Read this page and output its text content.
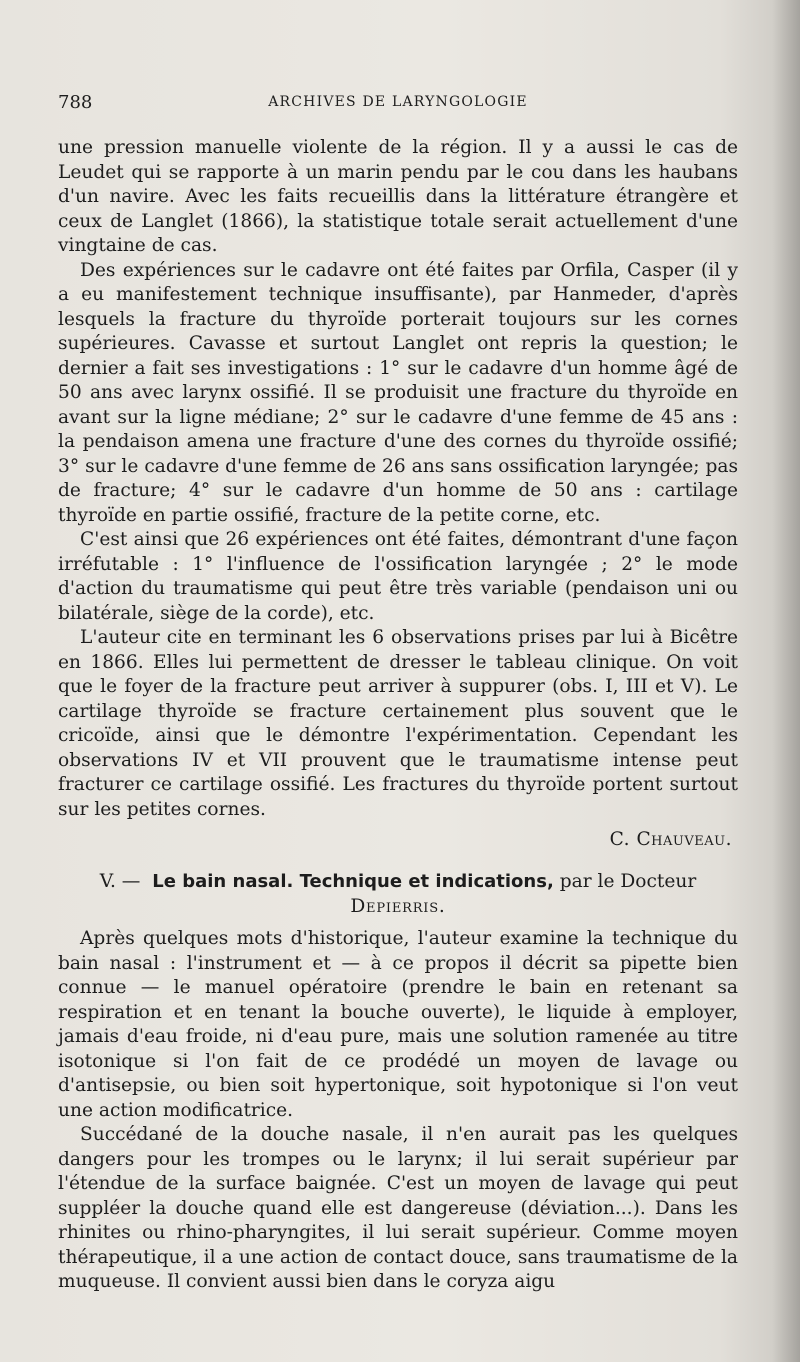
788	ARCHIVES DE LARYNGOLOGIE

une pression manuelle violente de la région. Il y a aussi le cas de Leudet qui se rapporte à un marin pendu par le cou dans les haubans d'un navire. Avec les faits recueillis dans la littérature étrangère et ceux de Langlet (1866), la statistique totale serait actuellement d'une vingtaine de cas.

Des expériences sur le cadavre ont été faites par Orfila, Casper (il y a eu manifestement technique insuffisante), par Hanmeder, d'après lesquels la fracture du thyroïde porterait toujours sur les cornes supérieures. Cavasse et surtout Langlet ont repris la question; le dernier a fait ses investigations : 1° sur le cadavre d'un homme âgé de 50 ans avec larynx ossifié. Il se produisit une fracture du thyroïde en avant sur la ligne médiane; 2° sur le cadavre d'une femme de 45 ans : la pendaison amena une fracture d'une des cornes du thyroïde ossifié; 3° sur le cadavre d'une femme de 26 ans sans ossification laryngée; pas de fracture; 4° sur le cadavre d'un homme de 50 ans : cartilage thyroïde en partie ossifié, fracture de la petite corne, etc.

C'est ainsi que 26 expériences ont été faites, démontrant d'une façon irréfutable : 1° l'influence de l'ossification laryngée ; 2° le mode d'action du traumatisme qui peut être très variable (pendaison uni ou bilatérale, siège de la corde), etc.

L'auteur cite en terminant les 6 observations prises par lui à Bicêtre en 1866. Elles lui permettent de dresser le tableau clinique. On voit que le foyer de la fracture peut arriver à suppurer (obs. I, III et V). Le cartilage thyroïde se fracture certainement plus souvent que le cricoïde, ainsi que le démontre l'expérimentation. Cependant les observations IV et VII prouvent que le traumatisme intense peut fracturer ce cartilage ossifié. Les fractures du thyroïde portent surtout sur les petites cornes.

C. Chauveau.

V. — Le bain nasal. Technique et indications, par le Docteur

Depierris.

Après quelques mots d'historique, l'auteur examine la technique du bain nasal : l'instrument et — à ce propos il décrit sa pipette bien connue — le manuel opératoire (prendre le bain en retenant sa respiration et en tenant la bouche ouverte), le liquide à employer, jamais d'eau froide, ni d'eau pure, mais une solution ramenée au titre isotonique si l'on fait de ce prodédé un moyen de lavage ou d'antisepsie, ou bien soit hypertonique, soit hypotonique si l'on veut une action modificatrice.

Succédané de la douche nasale, il n'en aurait pas les quelques dangers pour les trompes ou le larynx; il lui serait supérieur par l'étendue de la surface baignée. C'est un moyen de lavage qui peut suppléer la douche quand elle est dangereuse (déviation...). Dans les rhinites ou rhino-pharyngites, il lui serait supérieur. Comme moyen thérapeutique, il a une action de contact douce, sans traumatisme de la muqueuse. Il convient aussi bien dans le coryza aigu
